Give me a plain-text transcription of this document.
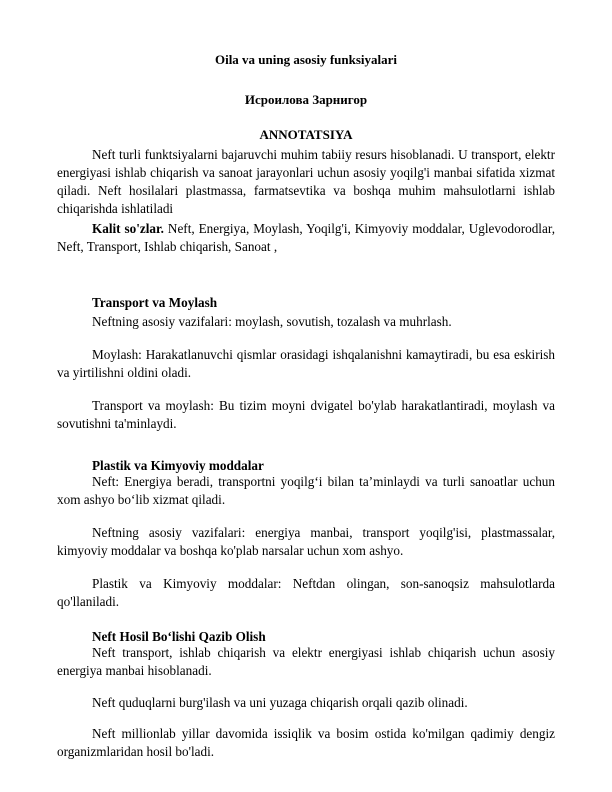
Oila va uning asosiy funksiyalari
Исроилова Зарнигор
ANNOTATSIYA

Neft turli funktsiyalarni bajaruvchi muhim tabiiy resurs hisoblanadi. U transport, elektr energiyasi ishlab chiqarish va sanoat jarayonlari uchun asosiy yoqilg'i manbai sifatida xizmat qiladi. Neft hosilalari plastmassa, farmatsevtika va boshqa muhim mahsulotlarni ishlab chiqarishda ishlatiladi

Kalit so'zlar. Neft, Energiya, Moylash, Yoqilg'i, Kimyoviy moddalar, Uglevodorodlar, Neft, Transport, Ishlab chiqarish, Sanoat ,

Transport va Moylash

Neftning asosiy vazifalari: moylash, sovutish, tozalash va muhrlash.

Moylash: Harakatlanuvchi qismlar orasidagi ishqalanishni kamaytiradi, bu esa eskirish va yirtilishni oldini oladi.

Transport va moylash: Bu tizim moyni dvigatel bo'ylab harakatlantiradi, moylash va sovutishni ta'minlaydi.

Plastik va Kimyoviy moddalar

Neft: Energiya beradi, transportni yoqilg‘i bilan ta’minlaydi va turli sanoatlar uchun xom ashyo bo‘lib xizmat qiladi.

Neftning asosiy vazifalari: energiya manbai, transport yoqilg'isi, plastmassalar, kimyoviy moddalar va boshqa ko'plab narsalar uchun xom ashyo.

Plastik va Kimyoviy moddalar: Neftdan olingan, son-sanoqsiz mahsulotlarda qo'llaniladi.

Neft Hosil Bo‘lishi Qazib Olish

Neft transport, ishlab chiqarish va elektr energiyasi ishlab chiqarish uchun asosiy energiya manbai hisoblanadi.

Neft quduqlarni burg'ilash va uni yuzaga chiqarish orqali qazib olinadi.

Neft millionlab yillar davomida issiqlik va bosim ostida ko'milgan qadimiy dengiz organizmlaridan hosil bo'ladi.
